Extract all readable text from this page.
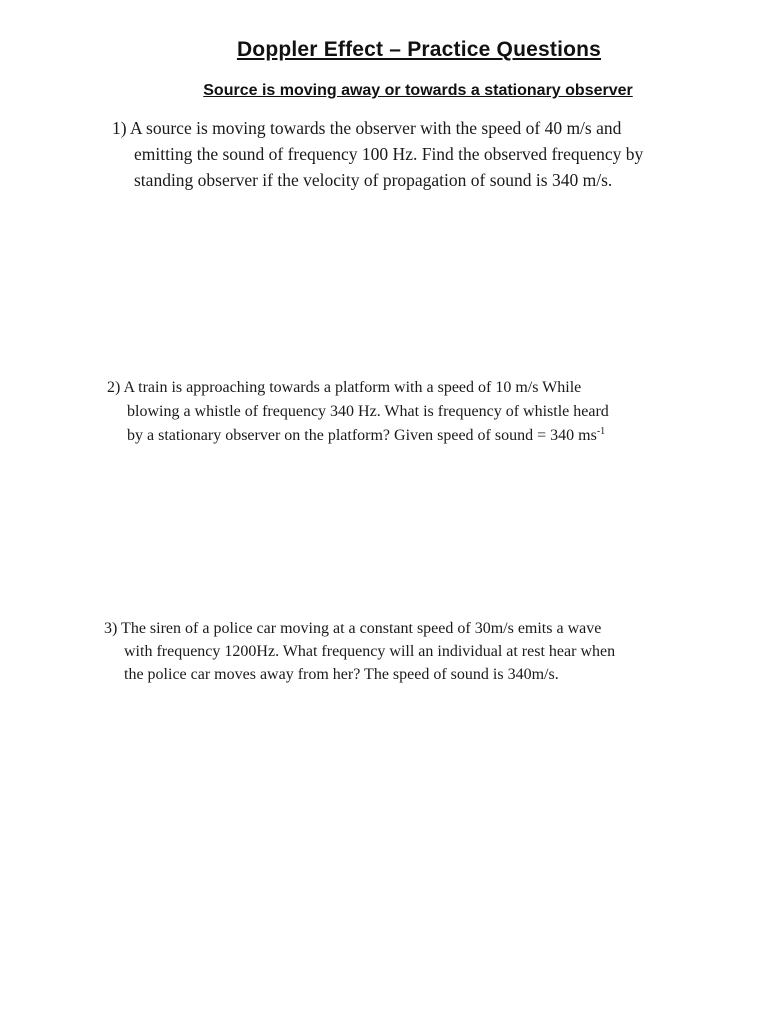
Doppler Effect – Practice Questions
Source is moving away or towards a stationary observer
1) A source is moving towards the observer with the speed of 40 m/s and
emitting the sound of frequency 100 Hz. Find the observed frequency by
standing observer if the velocity of propagation of sound is 340 m/s.
2) A train is approaching towards a platform with a speed of 10 m/s While
blowing a whistle of frequency 340 Hz. What is frequency of whistle heard
by a stationary observer on the platform? Given speed of sound = 340 $ms^{-1}$
3) The siren of a police car moving at a constant speed of 30m/s emits a wave
with frequency 1200Hz. What frequency will an individual at rest hear when
the police car moves away from her? The speed of sound is 340m/s.
